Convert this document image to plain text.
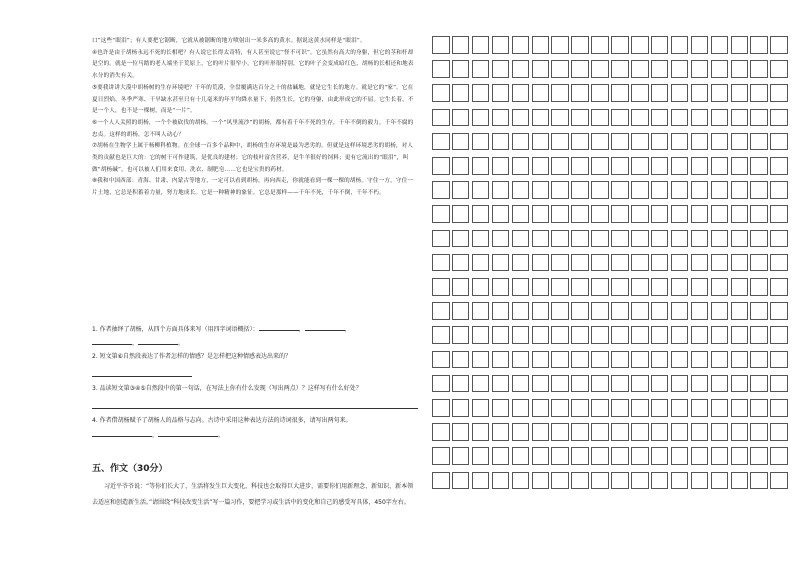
口”这些“眼泪”；有人要把它锯断，它就从被锯断的地方喷射出一米多高的黄水。据说这黄水同样是“眼泪”。

④也许是由于胡杨永远不死的长相吧？有人说它长得太奇特，有人甚至说它“怪不可识”。它虽然有高大的身躯，但它的茎和杆却是空的。就是一位马踏的老人端坐于荒原上，它的叶片很窄小，它的叶形很特别，它的叶子会变成暗红色，胡杨的长相还和地表水分的消失有关。

⑤要我讲讲大漠中胡杨树的生存环境吧？千年的荒漠，全盘覆满达百分之十的盐碱地，就是它生长的地方。就是它的“家”。它在夏日烈焰、冬季严寒、干旱缺水甚至只有十几毫米的年平均降水量下，仍然生长，它的身躯，由此形成它的不屈。它生长着，不是一个人，也不是一棵树，而是“一片”。

⑥一个人人关照的胡杨，一个个被砍伐的胡杨。一个“风里流沙”的胡杨，都有着千年不死的生存，千年不倒的毅力，千年不腐的忠贞。这样的胡杨，怎不叫人动心？

⑦胡杨在生物学上属于杨柳科植物。在全球一百多个品种中，胡杨的生存环境是最为恶劣的。但就是这样环境恶劣的胡杨，对人类的贡献也是巨大的：它的树干可作建筑，是优良的建材；它的枝叶富含营养，是牛羊很好的饲料；更有它流出的“眼泪”，叫做“胡杨碱”，也可以被人们用来食用、洗衣、制肥皂……它也是宝贵的药材。

⑧我和中国西部：青海、甘肃、内蒙古等地方，一定可以看到胡杨，再向西走，你就能看到一棵一棵的胡杨。守住一方，守住一片土地，它总是积蓄着力量，努力地成长。它是一种精神的象征。它总是那样——千年不死，千年不倒，千年不朽。

1. 作者抽绎了胡杨，从四个方面具体来写（用四字词语概括）：	，	，
，	。
2. 短文第⑥自然段表达了作者怎样的情感？是怎样把这种情感表达出来的？
3. 品读短文第③④⑤自然段中的第一句话，在写法上你有什么发现（写出两点）？这样写有什么好处？
4. 作者借胡杨赋予了胡杨人的品格与志向。古诗中采用这种表达方法的诗词很多，请写出两句来。
，	。
五、作文（30分）
习近平爷爷说：“等你们长大了，生活将发生巨大变化，科技也会取得巨大进步，需要你们用新理念、新知识、新本领去适应和创造新生活。”请围绕“科技改变生活”写一篇习作，要把学习或生活中的变化和自己的感受写具体，450字左右。
